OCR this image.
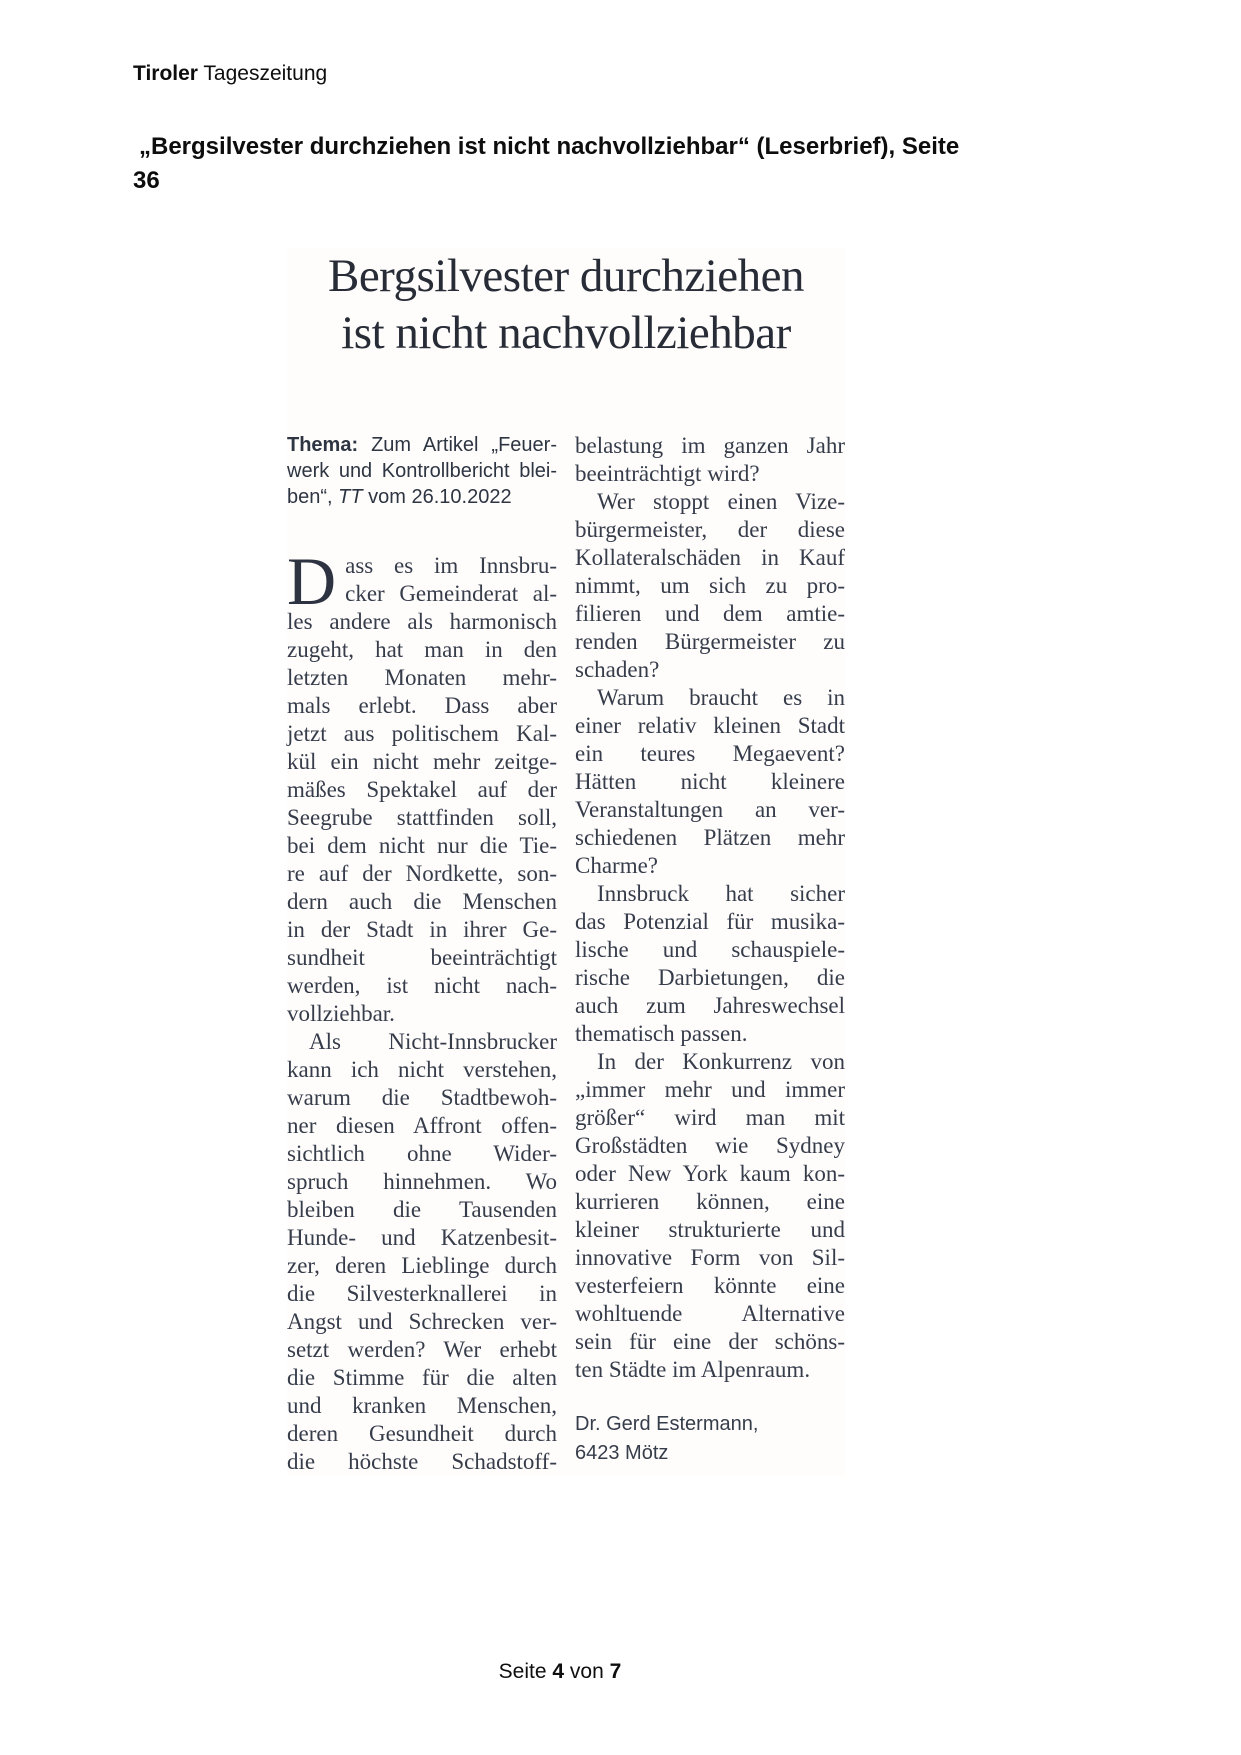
Tiroler Tageszeitung
„Bergsilvester durchziehen ist nicht nachvollziehbar“ (Leserbrief), Seite
36
Bergsilvester durchziehen
ist nicht nachvollziehbar
Thema: Zum Artikel „Feuer-
werk und Kontrollbericht blei-
ben“, TT vom 26.10.2022
D ass es im Innsbru-
cker Gemeinderat al-
les andere als harmonisch
zugeht, hat man in den
letzten Monaten mehr-
mals erlebt. Dass aber
jetzt aus politischem Kal-
kül ein nicht mehr zeitge-
mäßes Spektakel auf der
Seegrube stattfinden soll,
bei dem nicht nur die Tie-
re auf der Nordkette, son-
dern auch die Menschen
in der Stadt in ihrer Ge-
sundheit beeinträchtigt
werden, ist nicht nach-
vollziehbar.
Als Nicht-Innsbrucker
kann ich nicht verstehen,
warum die Stadtbewoh-
ner diesen Affront offen-
sichtlich ohne Wider-
spruch hinnehmen. Wo
bleiben die Tausenden
Hunde- und Katzenbesit-
zer, deren Lieblinge durch
die Silvesterknallerei in
Angst und Schrecken ver-
setzt werden? Wer erhebt
die Stimme für die alten
und kranken Menschen,
deren Gesundheit durch
die höchste Schadstoff-
belastung im ganzen Jahr
beeinträchtigt wird?
Wer stoppt einen Vize-
bürgermeister, der diese
Kollateralschäden in Kauf
nimmt, um sich zu pro-
filieren und dem amtie-
renden Bürgermeister zu
schaden?
Warum braucht es in
einer relativ kleinen Stadt
ein teures Megaevent?
Hätten nicht kleinere
Veranstaltungen an ver-
schiedenen Plätzen mehr
Charme?
Innsbruck hat sicher
das Potenzial für musika-
lische und schauspiele-
rische Darbietungen, die
auch zum Jahreswechsel
thematisch passen.
In der Konkurrenz von
„immer mehr und immer
größer“ wird man mit
Großstädten wie Sydney
oder New York kaum kon-
kurrieren können, eine
kleiner strukturierte und
innovative Form von Sil-
vesterfeiern könnte eine
wohltuende Alternative
sein für eine der schöns-
ten Städte im Alpenraum.
Dr. Gerd Estermann,
6423 Mötz
Seite 4 von 7
